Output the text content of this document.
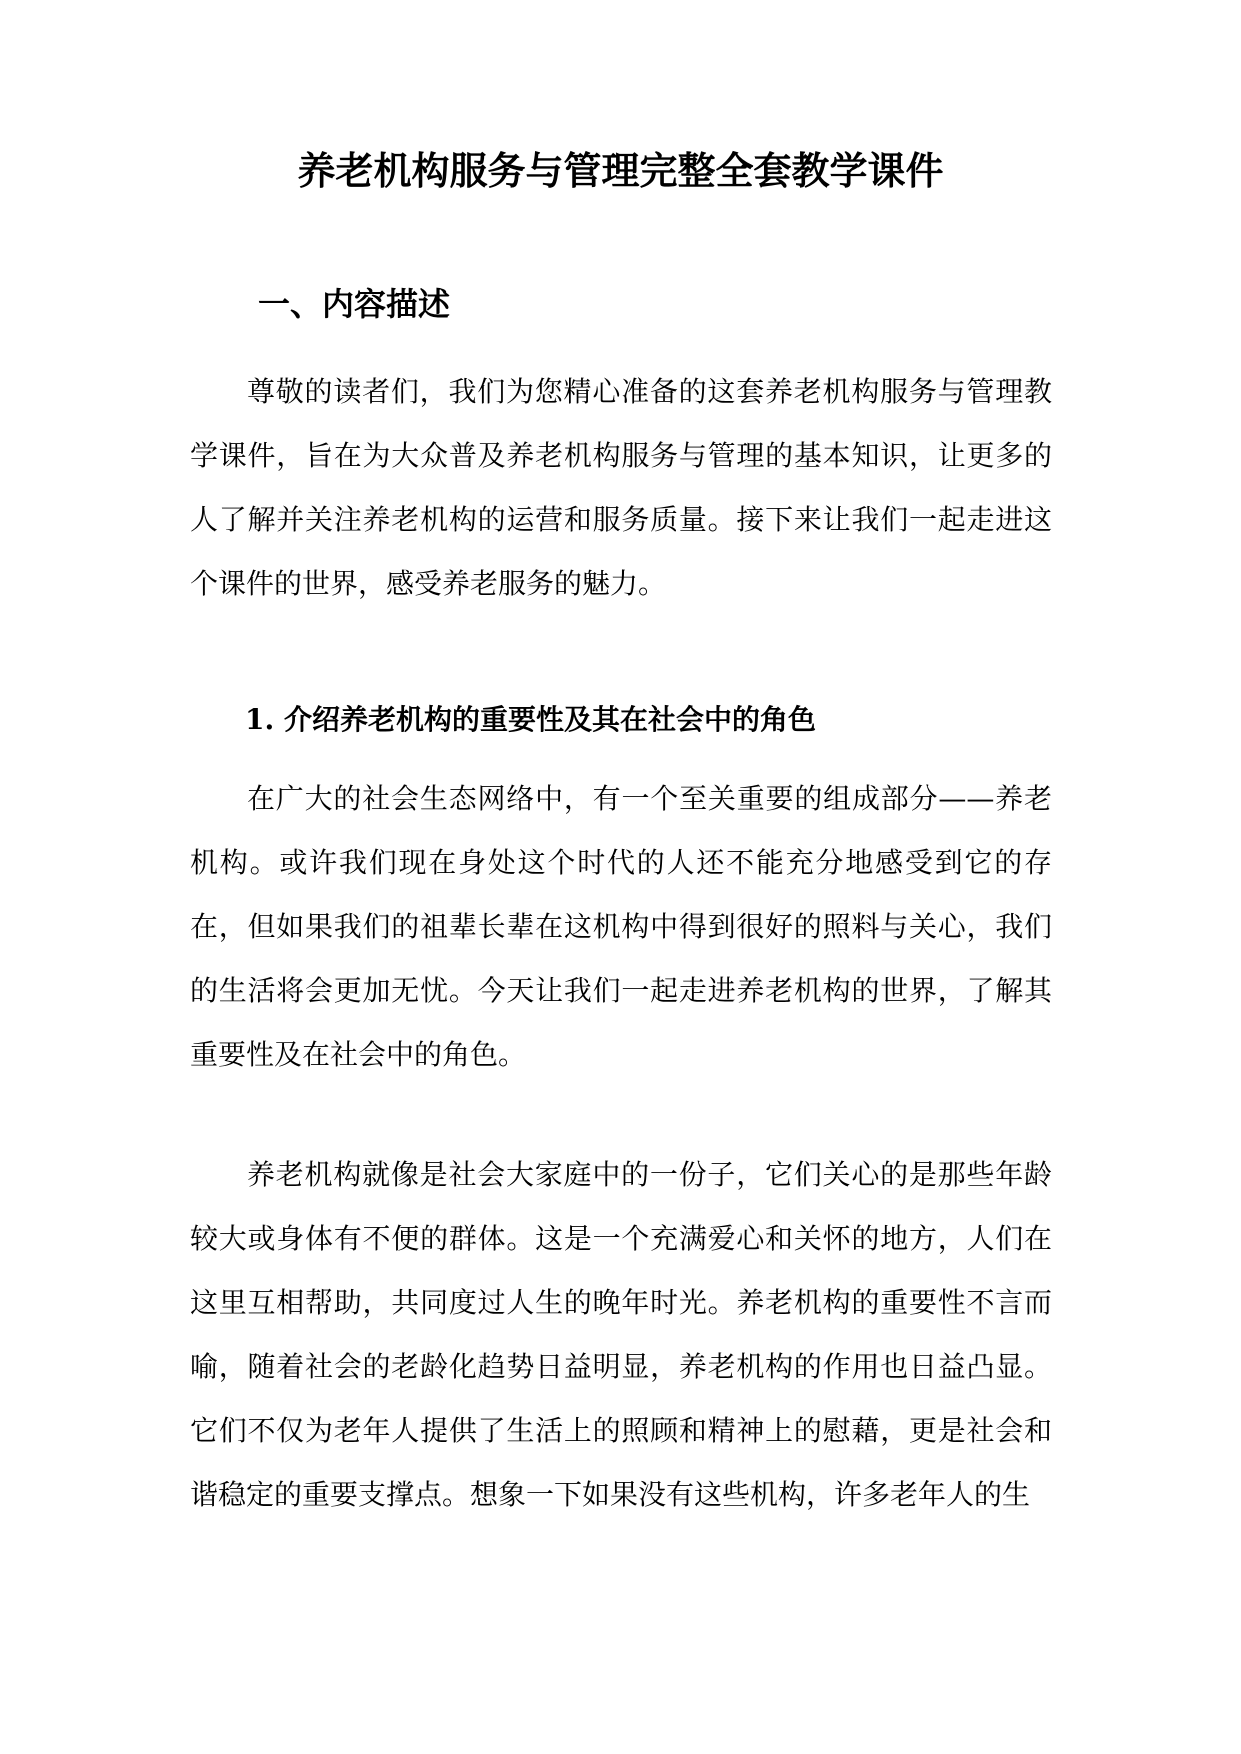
养老机构服务与管理完整全套教学课件
一、内容描述
尊敬的读者们，我们为您精心准备的这套养老机构服务与管理教学课件，旨在为大众普及养老机构服务与管理的基本知识，让更多的人了解并关注养老机构的运营和服务质量。接下来让我们一起走进这个课件的世界，感受养老服务的魅力。
1. 介绍养老机构的重要性及其在社会中的角色
在广大的社会生态网络中，有一个至关重要的组成部分——养老机构。或许我们现在身处这个时代的人还不能充分地感受到它的存在，但如果我们的祖辈长辈在这机构中得到很好的照料与关心，我们的生活将会更加无忧。今天让我们一起走进养老机构的世界，了解其重要性及在社会中的角色。
养老机构就像是社会大家庭中的一份子，它们关心的是那些年龄较大或身体有不便的群体。这是一个充满爱心和关怀的地方，人们在这里互相帮助，共同度过人生的晚年时光。养老机构的重要性不言而喻，随着社会的老龄化趋势日益明显，养老机构的作用也日益凸显。它们不仅为老年人提供了生活上的照顾和精神上的慰藉，更是社会和谐稳定的重要支撑点。想象一下如果没有这些机构，许多老年人的生
